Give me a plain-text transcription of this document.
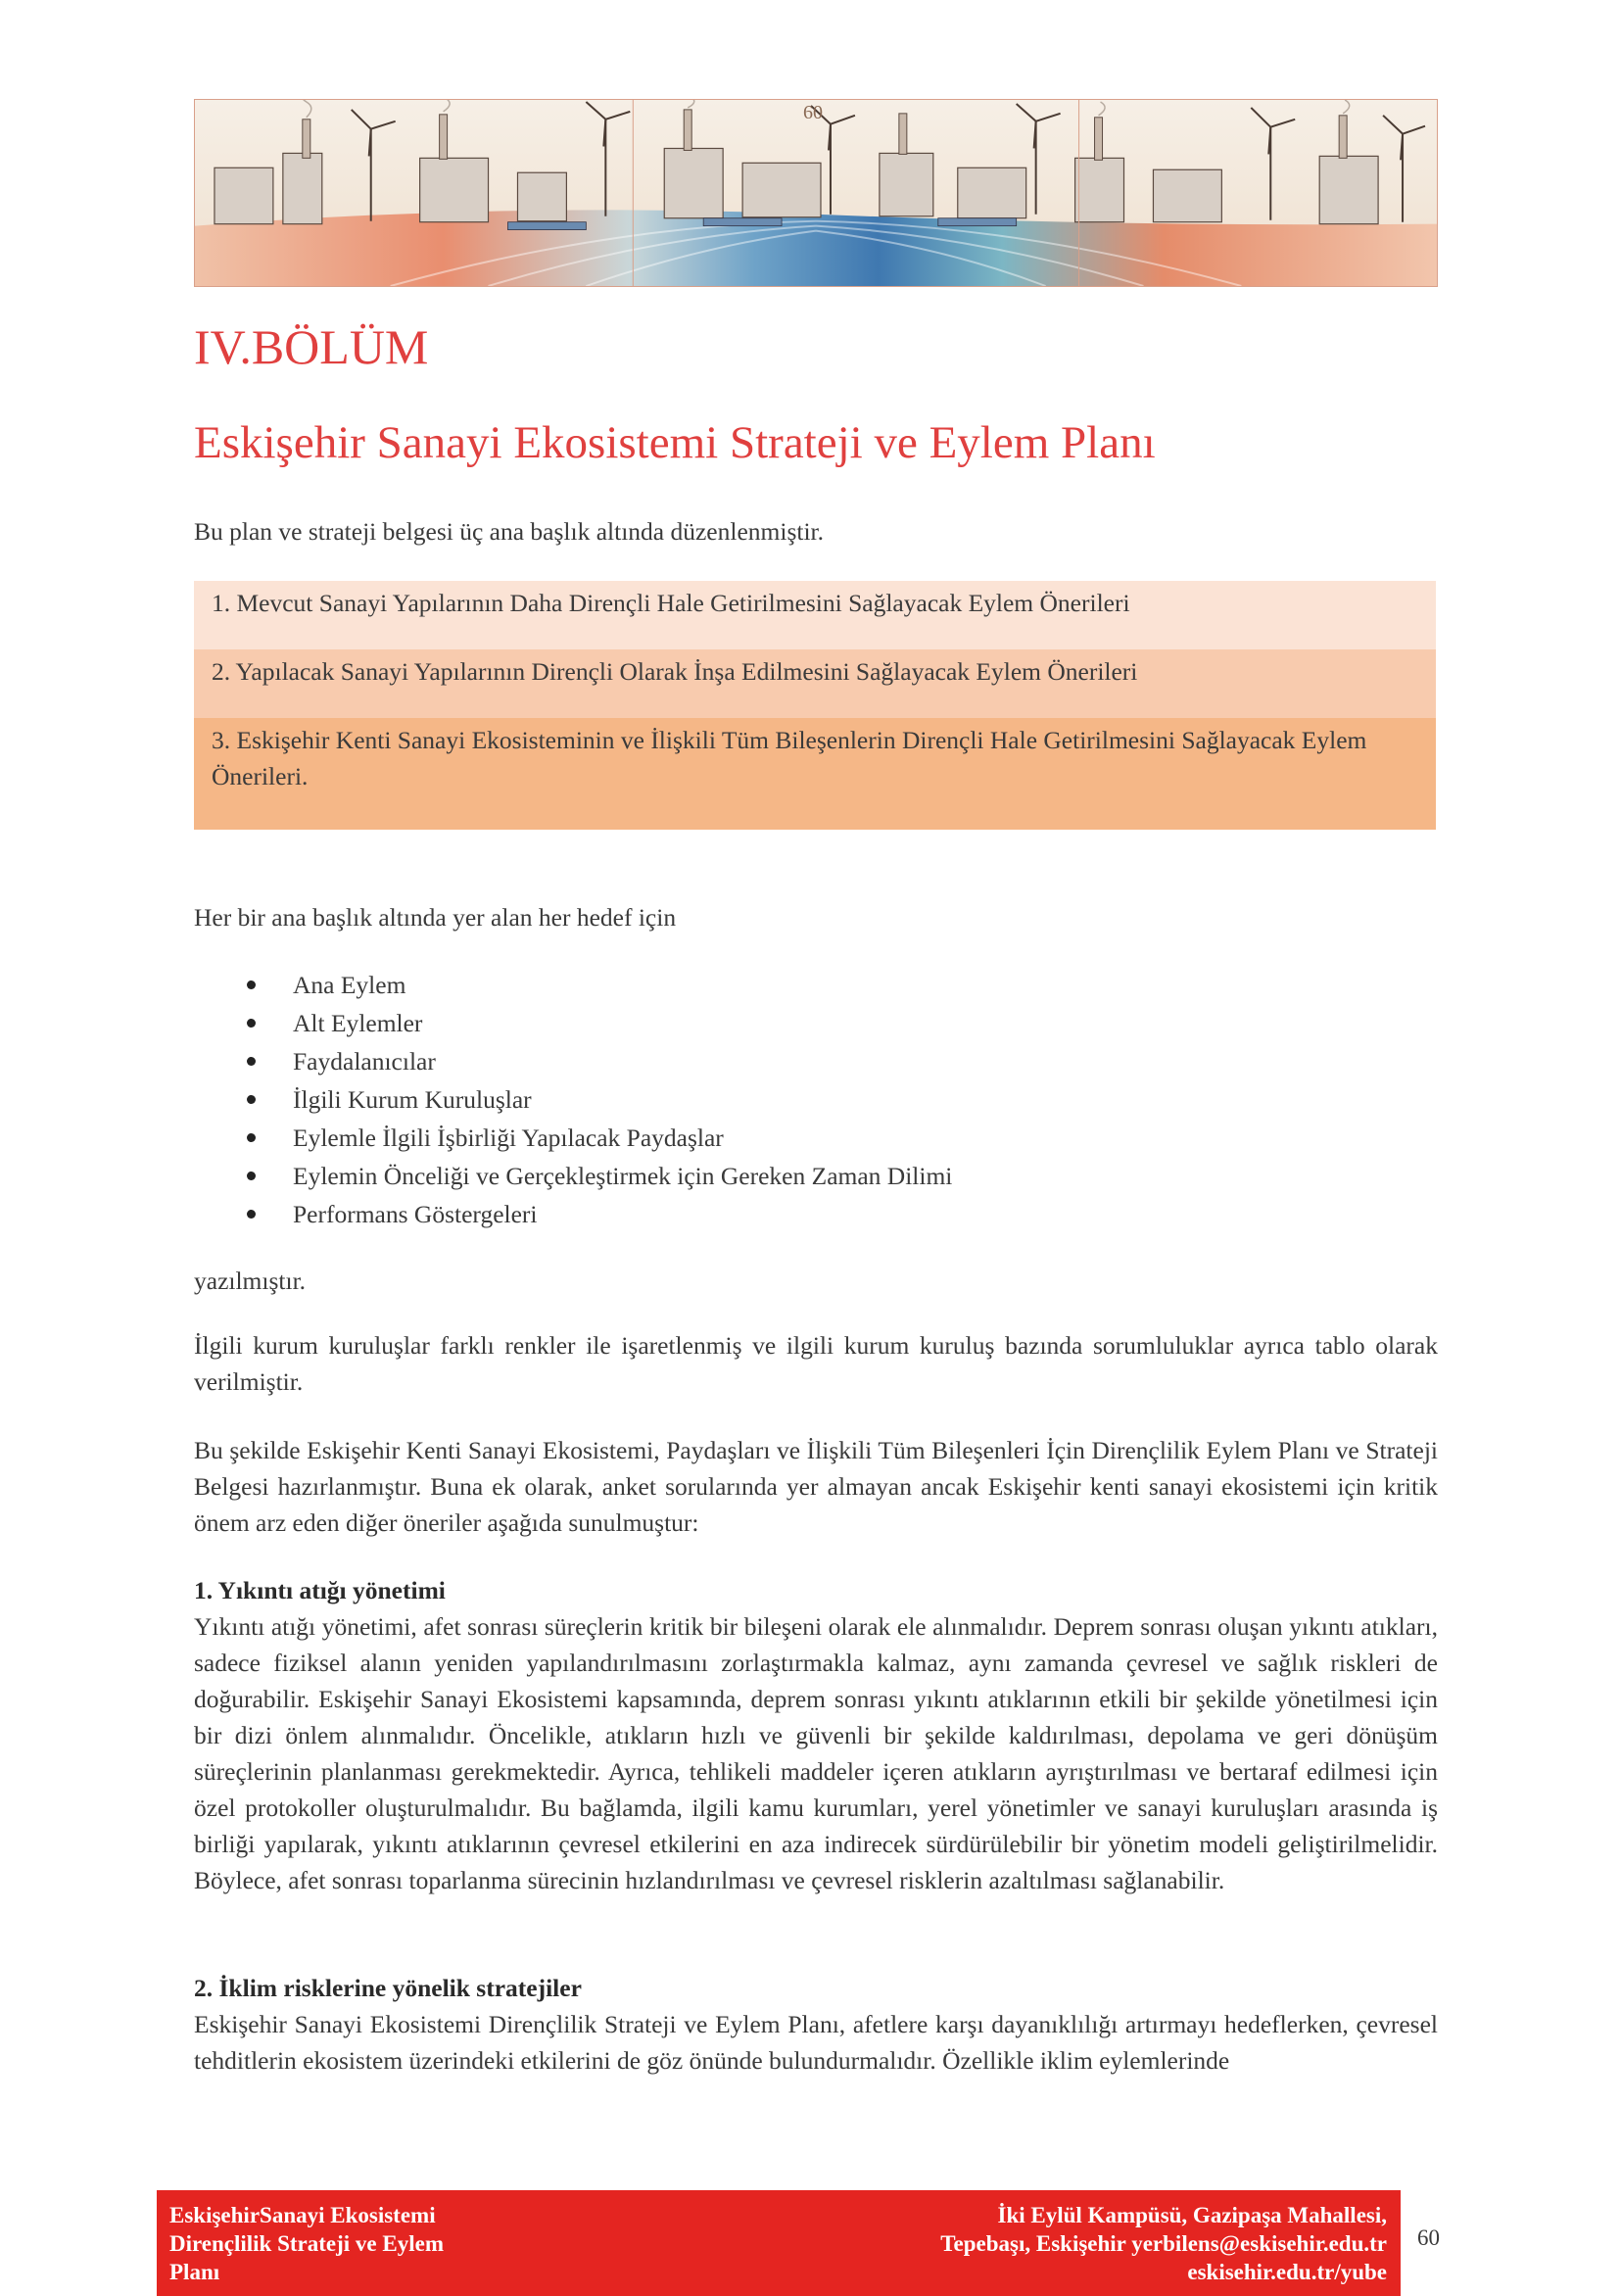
60
IV.BÖLÜM
Eskişehir Sanayi Ekosistemi Strateji ve Eylem Planı
Bu plan ve strateji belgesi üç ana başlık altında düzenlenmiştir.
1. Mevcut Sanayi Yapılarının Daha Dirençli Hale Getirilmesini Sağlayacak Eylem Önerileri
2. Yapılacak Sanayi Yapılarının Dirençli Olarak İnşa Edilmesini Sağlayacak Eylem Önerileri
3. Eskişehir Kenti Sanayi Ekosisteminin ve İlişkili Tüm Bileşenlerin Dirençli Hale Getirilmesini Sağlayacak Eylem Önerileri.
Her bir ana başlık altında yer alan her hedef için
Ana Eylem
Alt Eylemler
Faydalanıcılar
İlgili Kurum Kuruluşlar
Eylemle İlgili İşbirliği Yapılacak Paydaşlar
Eylemin Önceliği ve Gerçekleştirmek için Gereken Zaman Dilimi
Performans Göstergeleri
yazılmıştır.
İlgili kurum kuruluşlar farklı renkler ile işaretlenmiş ve ilgili kurum kuruluş bazında sorumluluklar ayrıca tablo olarak verilmiştir.
Bu şekilde Eskişehir Kenti Sanayi Ekosistemi, Paydaşları ve İlişkili Tüm Bileşenleri İçin Dirençlilik Eylem Planı ve Strateji Belgesi hazırlanmıştır. Buna ek olarak, anket sorularında yer almayan ancak Eskişehir kenti sanayi ekosistemi için kritik önem arz eden diğer öneriler aşağıda sunulmuştur:
1. Yıkıntı atığı yönetimi
Yıkıntı atığı yönetimi, afet sonrası süreçlerin kritik bir bileşeni olarak ele alınmalıdır. Deprem sonrası oluşan yıkıntı atıkları, sadece fiziksel alanın yeniden yapılandırılmasını zorlaştırmakla kalmaz, aynı zamanda çevresel ve sağlık riskleri de doğurabilir. Eskişehir Sanayi Ekosistemi kapsamında, deprem sonrası yıkıntı atıklarının etkili bir şekilde yönetilmesi için bir dizi önlem alınmalıdır. Öncelikle, atıkların hızlı ve güvenli bir şekilde kaldırılması, depolama ve geri dönüşüm süreçlerinin planlanması gerekmektedir. Ayrıca, tehlikeli maddeler içeren atıkların ayrıştırılması ve bertaraf edilmesi için özel protokoller oluşturulmalıdır. Bu bağlamda, ilgili kamu kurumları, yerel yönetimler ve sanayi kuruluşları arasında iş birliği yapılarak, yıkıntı atıklarının çevresel etkilerini en aza indirecek sürdürülebilir bir yönetim modeli geliştirilmelidir. Böylece, afet sonrası toparlanma sürecinin hızlandırılması ve çevresel risklerin azaltılması sağlanabilir.
2. İklim risklerine yönelik stratejiler
Eskişehir Sanayi Ekosistemi Dirençlilik Strateji ve Eylem Planı, afetlere karşı dayanıklılığı artırmayı hedeflerken, çevresel tehditlerin ekosistem üzerindeki etkilerini de göz önünde bulundurmalıdır. Özellikle iklim eylemlerinde
EskişehirSanayi Ekosistemi
Dirençlilik Strateji ve Eylem
Planı
İki Eylül Kampüsü, Gazipaşa Mahallesi,
Tepebaşı, Eskişehir yerbilens@eskisehir.edu.tr
eskisehir.edu.tr/yube
60
